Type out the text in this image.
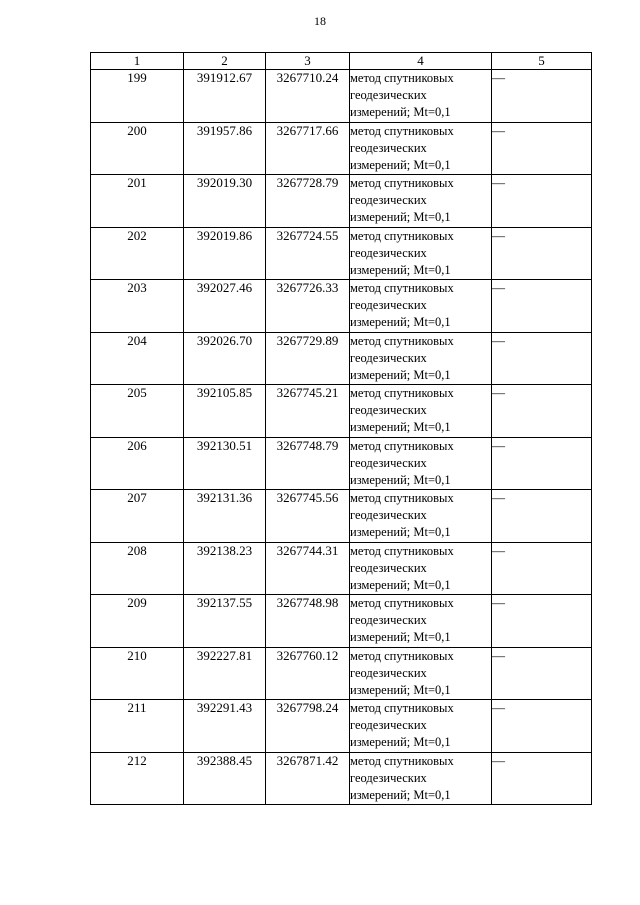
18
1	2	3	4	5
199	391912.67	3267710.24	метод спутниковых
геодезических
измерений; Mt=0,1	—
200	391957.86	3267717.66	метод спутниковых
геодезических
измерений; Mt=0,1	—
201	392019.30	3267728.79	метод спутниковых
геодезических
измерений; Mt=0,1	—
202	392019.86	3267724.55	метод спутниковых
геодезических
измерений; Mt=0,1	—
203	392027.46	3267726.33	метод спутниковых
геодезических
измерений; Mt=0,1	—
204	392026.70	3267729.89	метод спутниковых
геодезических
измерений; Mt=0,1	—
205	392105.85	3267745.21	метод спутниковых
геодезических
измерений; Mt=0,1	—
206	392130.51	3267748.79	метод спутниковых
геодезических
измерений; Mt=0,1	—
207	392131.36	3267745.56	метод спутниковых
геодезических
измерений; Mt=0,1	—
208	392138.23	3267744.31	метод спутниковых
геодезических
измерений; Mt=0,1	—
209	392137.55	3267748.98	метод спутниковых
геодезических
измерений; Mt=0,1	—
210	392227.81	3267760.12	метод спутниковых
геодезических
измерений; Mt=0,1	—
211	392291.43	3267798.24	метод спутниковых
геодезических
измерений; Mt=0,1	—
212	392388.45	3267871.42	метод спутниковых
геодезических
измерений; Mt=0,1	—
